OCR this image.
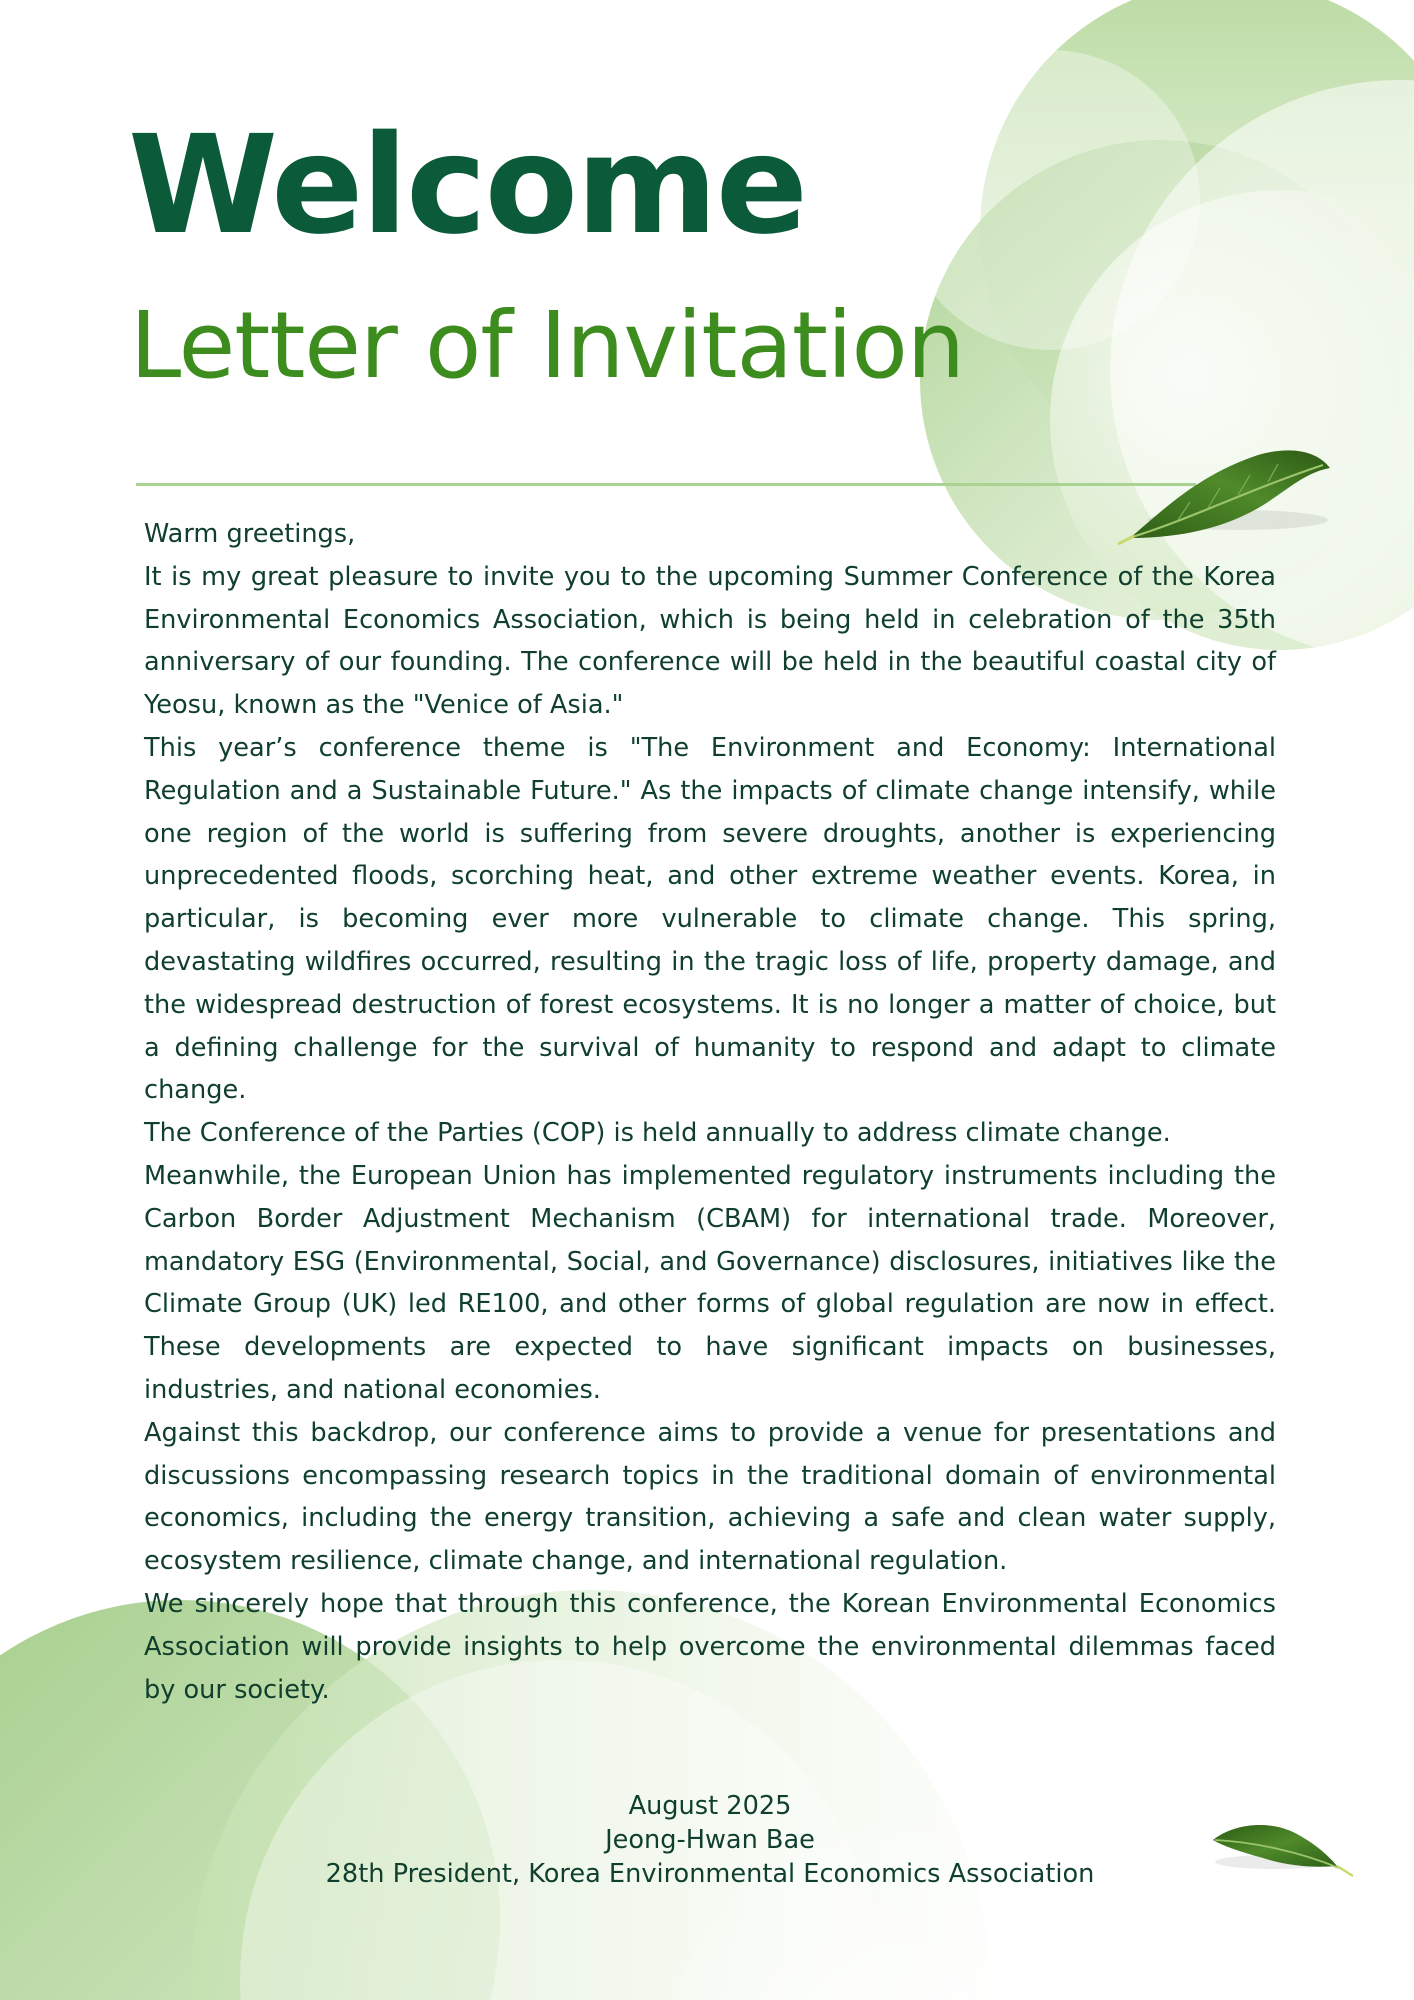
Welcome
Letter of Invitation

Warm greetings,

It is my great pleasure to invite you to the upcoming Summer Conference of the Korea Environmental Economics Association, which is being held in celebration of the 35th anniversary of our founding. The conference will be held in the beautiful coastal city of Yeosu, known as the "Venice of Asia."

This year’s conference theme is "The Environment and Economy: International Regulation and a Sustainable Future." As the impacts of climate change intensify, while one region of the world is suffering from severe droughts, another is experiencing unprecedented floods, scorching heat, and other extreme weather events. Korea, in particular, is becoming ever more vulnerable to climate change. This spring, devastating wildfires occurred, resulting in the tragic loss of life, property damage, and the widespread destruction of forest ecosystems. It is no longer a matter of choice, but a defining challenge for the survival of humanity to respond and adapt to climate change.

The Conference of the Parties (COP) is held annually to address climate change.

Meanwhile, the European Union has implemented regulatory instruments including the Carbon Border Adjustment Mechanism (CBAM) for international trade. Moreover, mandatory ESG (Environmental, Social, and Governance) disclosures, initiatives like the Climate Group (UK) led RE100, and other forms of global regulation are now in effect. These developments are expected to have significant impacts on businesses, industries, and national economies.

Against this backdrop, our conference aims to provide a venue for presentations and discussions encompassing research topics in the traditional domain of environmental economics, including the energy transition, achieving a safe and clean water supply, ecosystem resilience, climate change, and international regulation.

We sincerely hope that through this conference, the Korean Environmental Economics Association will provide insights to help overcome the environmental dilemmas faced by our society.

August 2025
Jeong-Hwan Bae
28th President, Korea Environmental Economics Association
